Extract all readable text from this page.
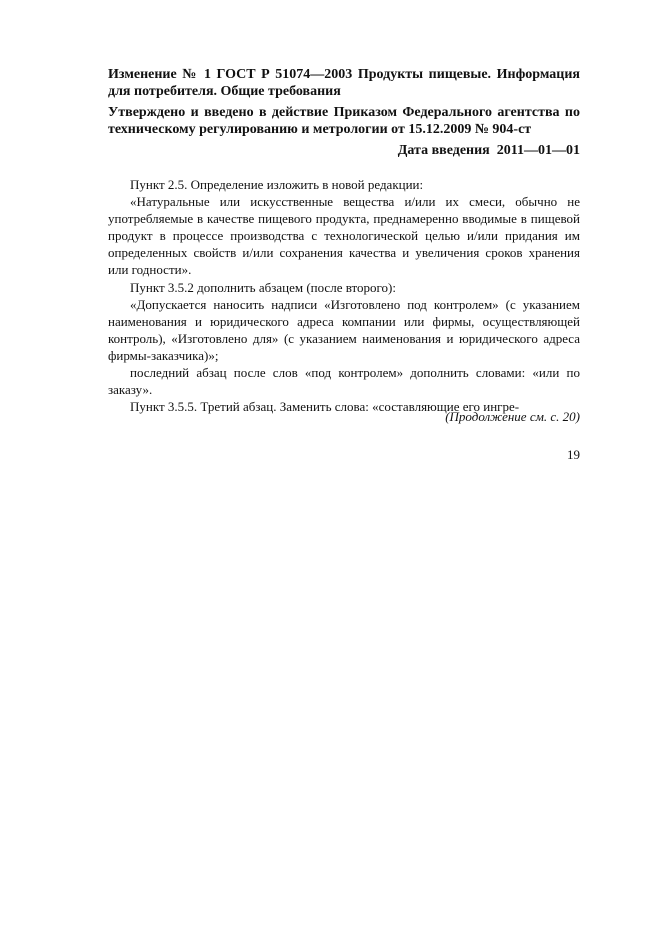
Изменение № 1 ГОСТ Р 51074—2003 Продукты пищевые. Информация для потребителя. Общие требования

Утверждено и введено в действие Приказом Федерального агентства по техническому регулированию и метрологии от 15.12.2009 № 904-ст

Дата введения 2011—01—01

Пункт 2.5. Определение изложить в новой редакции:

«Натуральные или искусственные вещества и/или их смеси, обычно не употребляемые в качестве пищевого продукта, преднамеренно вводимые в пищевой продукт в процессе производства с технологической целью и/или придания им определенных свойств и/или сохранения качества и увеличения сроков хранения или годности».

Пункт 3.5.2 дополнить абзацем (после второго):

«Допускается наносить надписи «Изготовлено под контролем» (с указанием наименования и юридического адреса компании или фирмы, осуществляющей контроль), «Изготовлено для» (с указанием наименования и юридического адреса фирмы-заказчика)»;

последний абзац после слов «под контролем» дополнить словами: «или по заказу».

Пункт 3.5.5. Третий абзац. Заменить слова: «составляющие его ингре-

(Продолжение см. с. 20)

19
